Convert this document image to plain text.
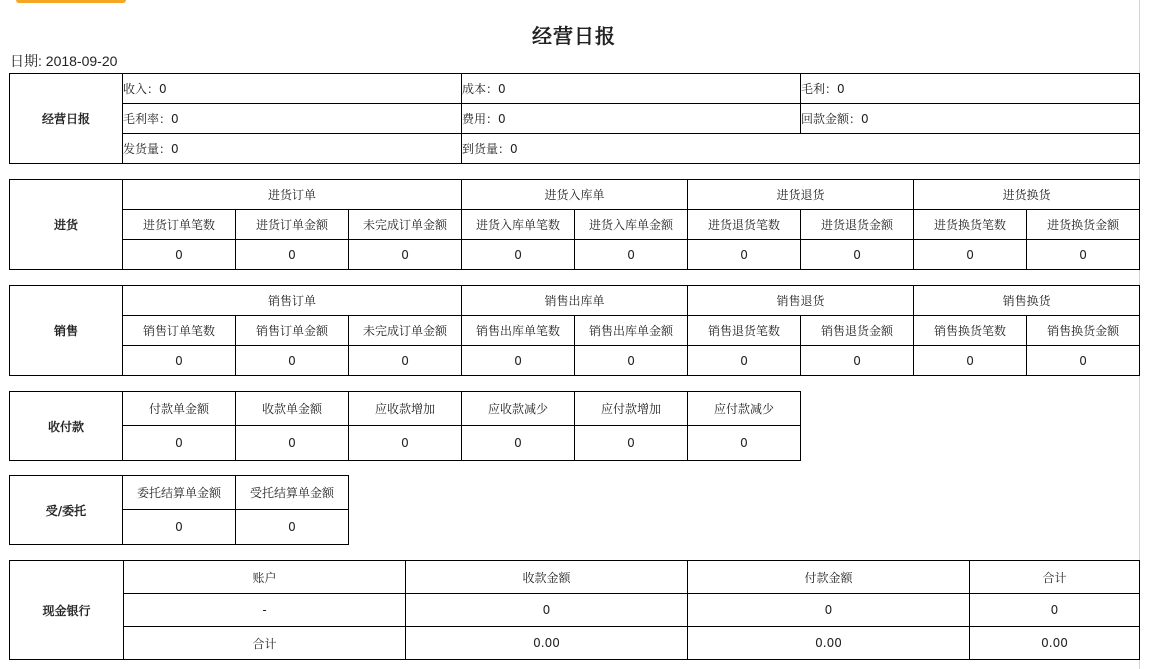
经营日报
日期: 2018-09-20
经营日报	收入：0	成本：0	毛利：0
	毛利率：0	费用：0	回款金额：0
	发货量：0	到货量：0	
进货	进货订单			进货入库单		进货退货		进货换货	
	进货订单笔数	进货订单金额	未完成订单金额	进货入库单笔数	进货入库单金额	进货退货笔数	进货退货金额	进货换货笔数	进货换货金额
	0	0	0	0	0	0	0	0	0
销售	销售订单			销售出库单		销售退货		销售换货	
	销售订单笔数	销售订单金额	未完成订单金额	销售出库单笔数	销售出库单金额	销售退货笔数	销售退货金额	销售换货笔数	销售换货金额
	0	0	0	0	0	0	0	0	0
收付款	付款单金额	收款单金额	应收款增加	应收款减少	应付款增加	应付款减少
	0	0	0	0	0	0
受/委托	委托结算单金额	受托结算单金额
	0	0
现金银行	账户	收款金额	付款金额	合计
	-	0	0	0
	合计	0.00	0.00	0.00
